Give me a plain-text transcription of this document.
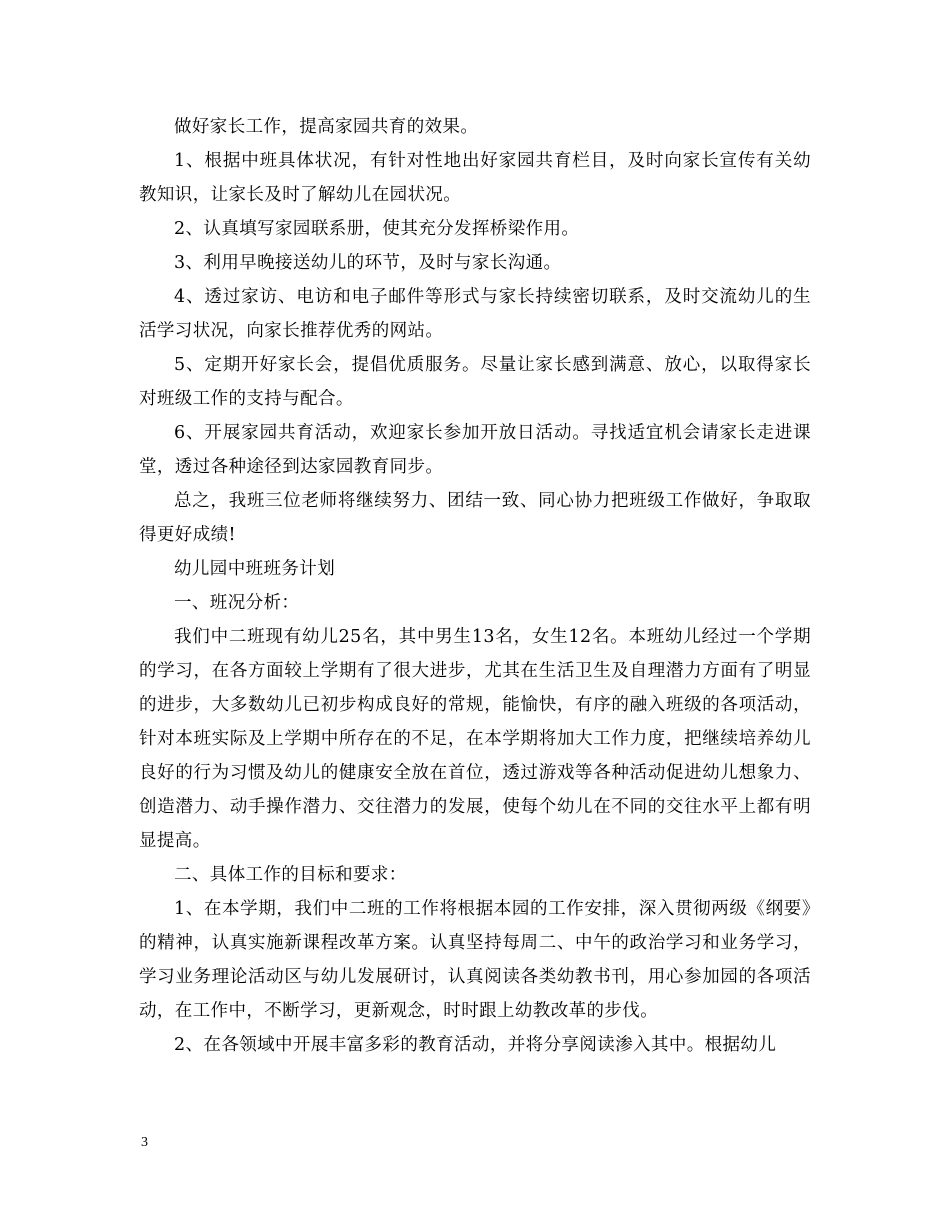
做好家长工作，提高家园共育的效果。

1、根据中班具体状况，有针对性地出好家园共育栏目，及时向家长宣传有关幼教知识，让家长及时了解幼儿在园状况。

2、认真填写家园联系册，使其充分发挥桥梁作用。

3、利用早晚接送幼儿的环节，及时与家长沟通。

4、透过家访、电访和电子邮件等形式与家长持续密切联系，及时交流幼儿的生活学习状况，向家长推荐优秀的网站。

5、定期开好家长会，提倡优质服务。尽量让家长感到满意、放心，以取得家长对班级工作的支持与配合。

6、开展家园共育活动，欢迎家长参加开放日活动。寻找适宜机会请家长走进课堂，透过各种途径到达家园教育同步。

总之，我班三位老师将继续努力、团结一致、同心协力把班级工作做好，争取取得更好成绩!

幼儿园中班班务计划

一、班况分析：

我们中二班现有幼儿25名，其中男生13名，女生12名。本班幼儿经过一个学期的学习，在各方面较上学期有了很大进步，尤其在生活卫生及自理潜力方面有了明显的进步，大多数幼儿已初步构成良好的常规，能愉快，有序的融入班级的各项活动，针对本班实际及上学期中所存在的不足，在本学期将加大工作力度，把继续培养幼儿良好的行为习惯及幼儿的健康安全放在首位，透过游戏等各种活动促进幼儿想象力、创造潜力、动手操作潜力、交往潜力的发展，使每个幼儿在不同的交往水平上都有明显提高。

二、具体工作的目标和要求：

1、在本学期，我们中二班的工作将根据本园的工作安排，深入贯彻两级《纲要》的精神，认真实施新课程改革方案。认真坚持每周二、中午的政治学习和业务学习，学习业务理论活动区与幼儿发展研讨，认真阅读各类幼教书刊，用心参加园的各项活动，在工作中，不断学习，更新观念，时时跟上幼教改革的步伐。

2、在各领域中开展丰富多彩的教育活动，并将分享阅读渗入其中。根据幼儿

3
